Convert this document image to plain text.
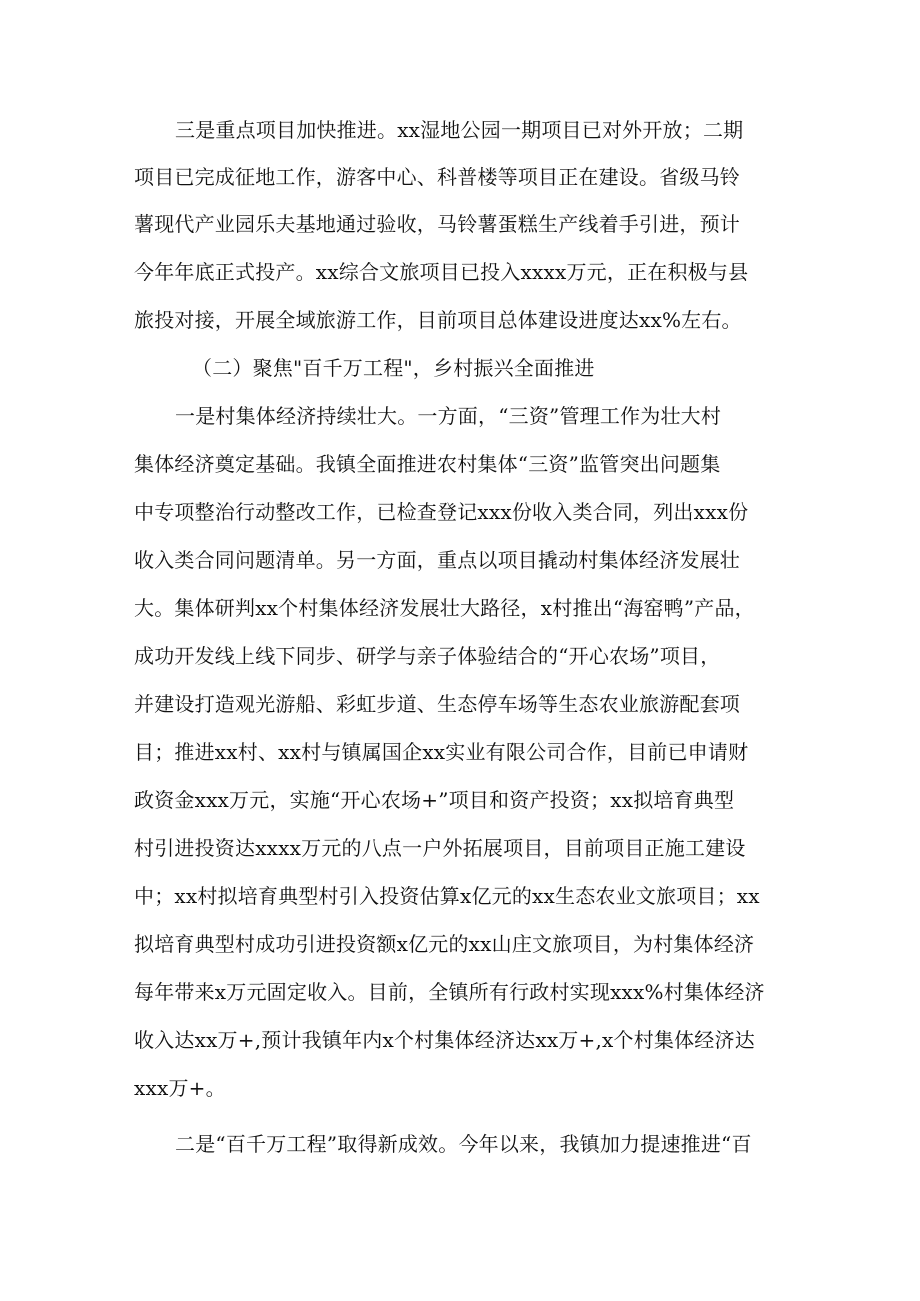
三是重点项目加快推进。xx湿地公园一期项目已对外开放；二期
项目已完成征地工作，游客中心、科普楼等项目正在建设。省级马铃
薯现代产业园乐夫基地通过验收，马铃薯蛋糕生产线着手引进，预计
今年年底正式投产。xx综合文旅项目已投入xxxx万元，正在积极与县
旅投对接，开展全域旅游工作，目前项目总体建设进度达xx%左右。
（二）聚焦"百千万工程"，乡村振兴全面推进
一是村集体经济持续壮大。一方面，“三资”管理工作为壮大村
集体经济奠定基础。我镇全面推进农村集体“三资”监管突出问题集
中专项整治行动整改工作，已检查登记xxx份收入类合同，列出xxx份
收入类合同问题清单。另一方面，重点以项目撬动村集体经济发展壮
大。集体研判xx个村集体经济发展壮大路径，x村推出“海窑鸭”产品，
成功开发线上线下同步、研学与亲子体验结合的“开心农场”项目，
并建设打造观光游船、彩虹步道、生态停车场等生态农业旅游配套项
目；推进xx村、xx村与镇属国企xx实业有限公司合作，目前已申请财
政资金xxx万元，实施“开心农场+”项目和资产投资；xx拟培育典型
村引进投资达xxxx万元的八点一户外拓展项目，目前项目正施工建设
中；xx村拟培育典型村引入投资估算x亿元的xx生态农业文旅项目；xx
拟培育典型村成功引进投资额x亿元的xx山庄文旅项目，为村集体经济
每年带来x万元固定收入。目前，全镇所有行政村实现xxx%村集体经济
收入达xx万+,预计我镇年内x个村集体经济达xx万+,x个村集体经济达
xxx万+。
二是“百千万工程”取得新成效。今年以来，我镇加力提速推进“百
